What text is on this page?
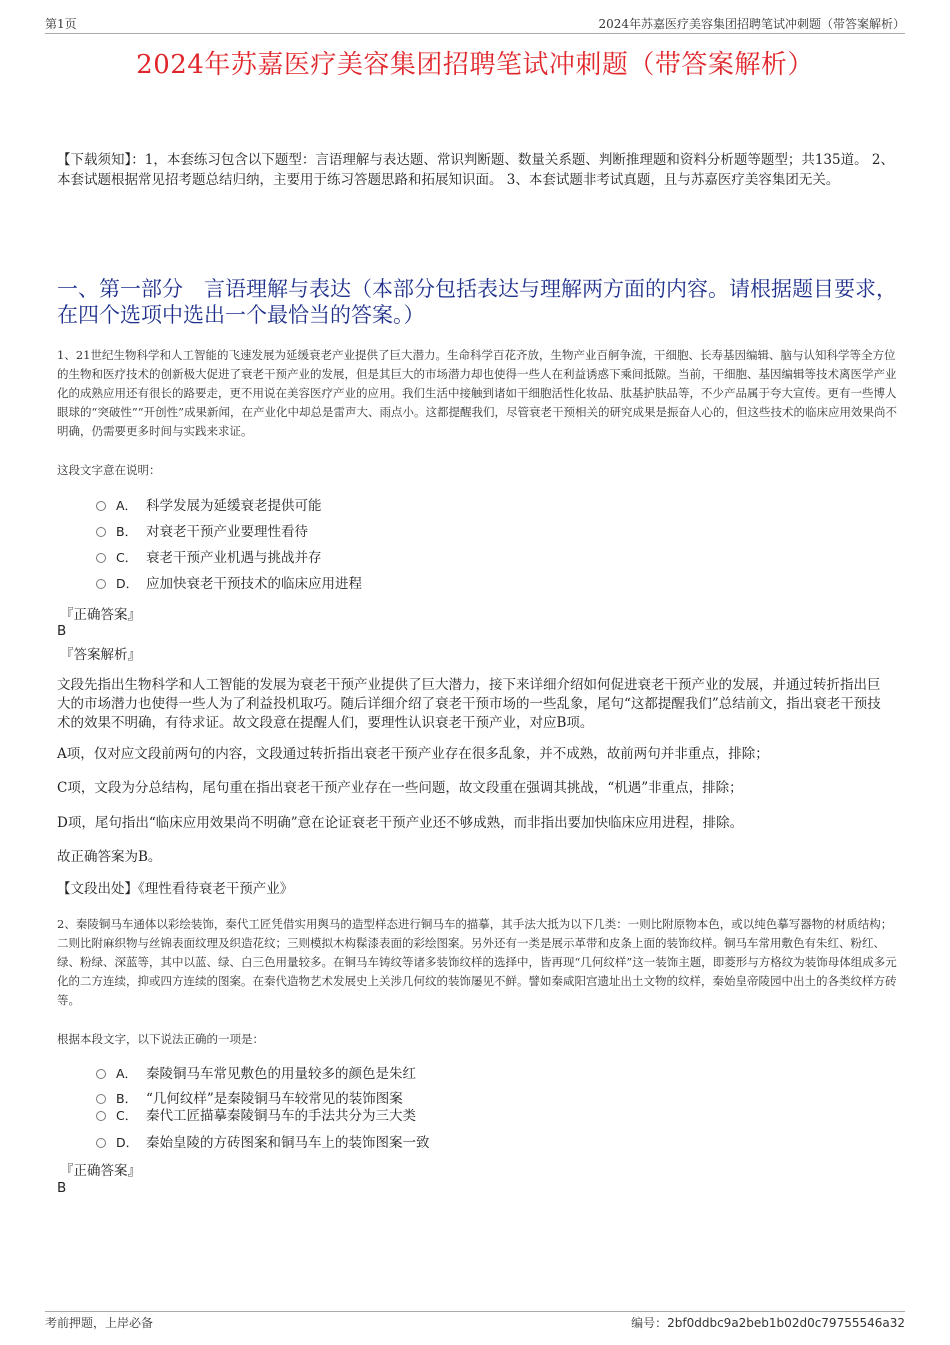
第1页	2024年苏嘉医疗美容集团招聘笔试冲刺题（带答案解析）
2024年苏嘉医疗美容集团招聘笔试冲刺题（带答案解析）
【下载须知】：1，本套练习包含以下题型：言语理解与表达题、常识判断题、数量关系题、判断推理题和资料分析题等题型；共135道。 2、本套试题根据常见招考题总结归纳，主要用于练习答题思路和拓展知识面。 3、本套试题非考试真题，且与苏嘉医疗美容集团无关。
一、第一部分　言语理解与表达（本部分包括表达与理解两方面的内容。请根据题目要求，在四个选项中选出一个最恰当的答案。）
1、21世纪生物科学和人工智能的飞速发展为延缓衰老产业提供了巨大潜力。生命科学百花齐放，生物产业百舸争流，干细胞、长寿基因编辑、脑与认知科学等全方位的生物和医疗技术的创新极大促进了衰老干预产业的发展，但是其巨大的市场潜力却也使得一些人在利益诱惑下乘间抵隙。当前，干细胞、基因编辑等技术离医学产业化的成熟应用还有很长的路要走，更不用说在美容医疗产业的应用。我们生活中接触到诸如干细胞活性化妆品、肽基护肤品等，不少产品属于夸大宣传。更有一些博人眼球的“突破性”“开创性”成果新闻，在产业化中却总是雷声大、雨点小。这都提醒我们，尽管衰老干预相关的研究成果是振奋人心的，但这些技术的临床应用效果尚不明确，仍需要更多时间与实践来求证。
这段文字意在说明：
A． 科学发展为延缓衰老提供可能
B． 对衰老干预产业要理性看待
C． 衰老干预产业机遇与挑战并存
D． 应加快衰老干预技术的临床应用进程
『正确答案』
B
『答案解析』
文段先指出生物科学和人工智能的发展为衰老干预产业提供了巨大潜力，接下来详细介绍如何促进衰老干预产业的发展，并通过转折指出巨大的市场潜力也使得一些人为了利益投机取巧。随后详细介绍了衰老干预市场的一些乱象，尾句“这都提醒我们”总结前文，指出衰老干预技术的效果不明确，有待求证。故文段意在提醒人们，要理性认识衰老干预产业，对应B项。
A项，仅对应文段前两句的内容，文段通过转折指出衰老干预产业存在很多乱象，并不成熟，故前两句并非重点，排除；
C项，文段为分总结构，尾句重在指出衰老干预产业存在一些问题，故文段重在强调其挑战，“机遇”非重点，排除；
D项，尾句指出“临床应用效果尚不明确”意在论证衰老干预产业还不够成熟，而非指出要加快临床应用进程，排除。
故正确答案为B。
【文段出处】《理性看待衰老干预产业》
2、秦陵铜马车通体以彩绘装饰，秦代工匠凭借实用舆马的造型样态进行铜马车的描摹，其手法大抵为以下几类：一则比附原物本色，或以纯色摹写器物的材质结构；二则比附麻织物与丝锦表面纹理及织造花纹；三则模拟木构髹漆表面的彩绘图案。另外还有一类是展示革带和皮条上面的装饰纹样。铜马车常用敷色有朱红、粉红、绿、粉绿、深蓝等，其中以蓝、绿、白三色用量较多。在铜马车铸纹等诸多装饰纹样的选择中，皆再现“几何纹样”这一装饰主题，即菱形与方格纹为装饰母体组成多元化的二方连续，抑或四方连续的图案。在秦代造物艺术发展史上关涉几何纹的装饰屡见不鲜。譬如秦咸阳宫遗址出土文物的纹样，秦始皇帝陵园中出土的各类纹样方砖等。
根据本段文字，以下说法正确的一项是：
A． 秦陵铜马车常见敷色的用量较多的颜色是朱红
B． “几何纹样”是秦陵铜马车较常见的装饰图案
C． 秦代工匠描摹秦陵铜马车的手法共分为三大类
D． 秦始皇陵的方砖图案和铜马车上的装饰图案一致
『正确答案』
B
考前押题，上岸必备	编号：2bf0ddbc9a2beb1b02d0c79755546a32
